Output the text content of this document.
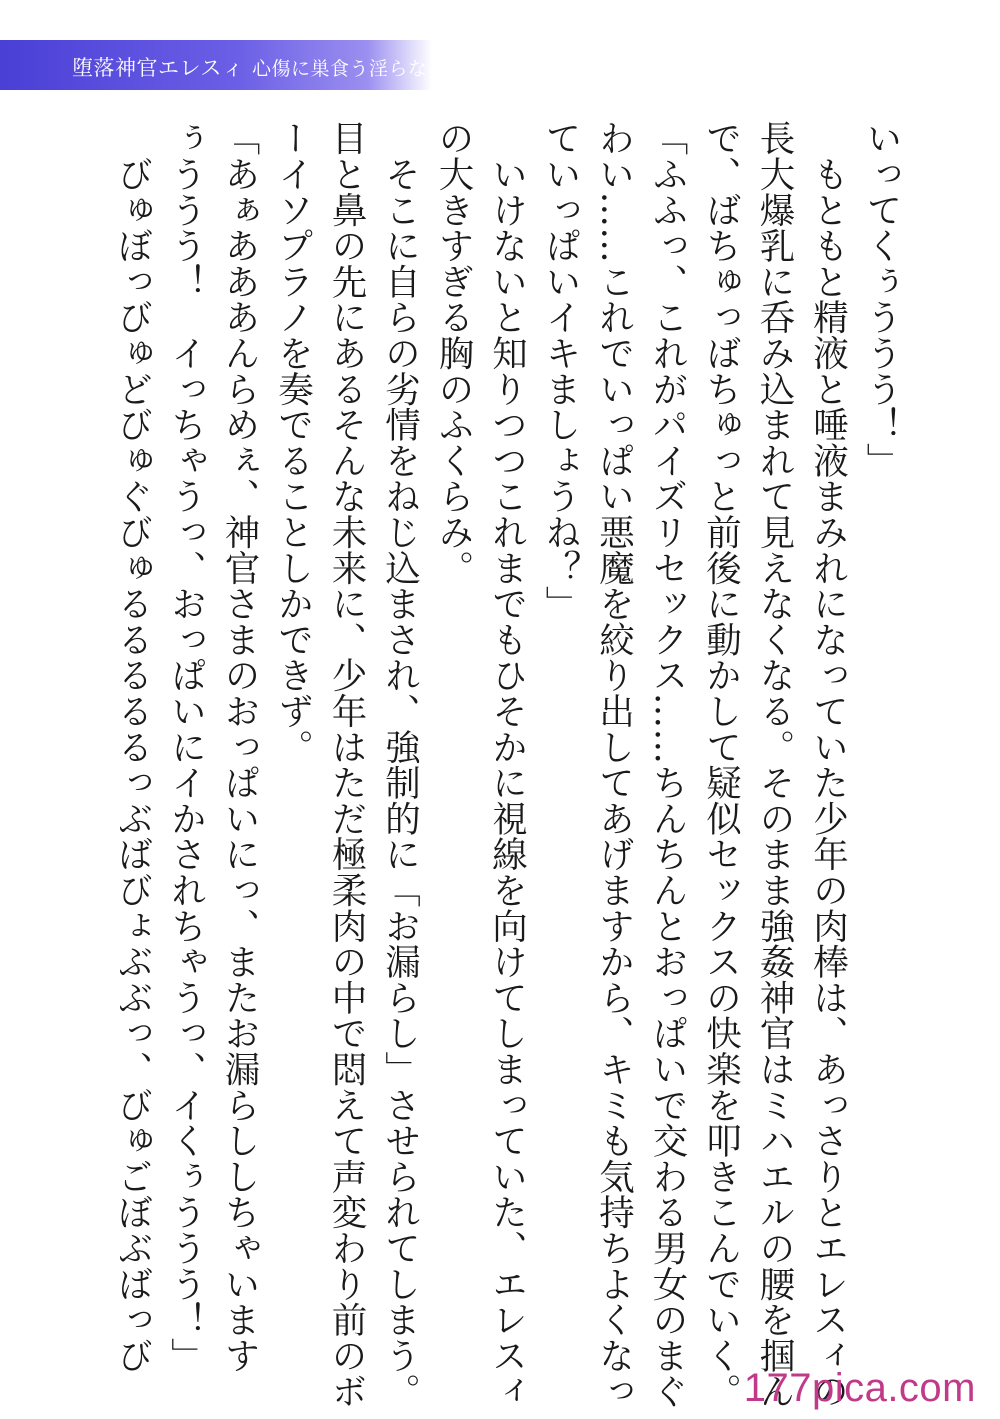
堕落神官エレスィ 心傷に巣食う淫らなモノ
いってくぅううう！」
　もともと精液と唾液まみれになっていた少年の肉棒は、あっさりとエレスィの
長大爆乳に呑み込まれて見えなくなる。そのまま強姦神官はミハエルの腰を掴ん
で、ばちゅっばちゅっと前後に動かして疑似セックスの快楽を叩きこんでいく。
「ふふっ、これがパイズリセックス……ちんちんとおっぱいで交わる男女のまぐ
わい……これでいっぱい悪魔を絞り出してあげますから、キミも気持ちよくなっ
ていっぱいイキましょうね？」
　いけないと知りつつこれまでもひそかに視線を向けてしまっていた、エレスィ
の大きすぎる胸のふくらみ。
　そこに自らの劣情をねじ込まされ、強制的に「お漏らし」させられてしまう。
目と鼻の先にあるそんな未来に、少年はただ極柔肉の中で悶えて声変わり前のボ
ーイソプラノを奏でることしかできず。
「あぁあああんらめぇ、神官さまのおっぱいにっ、またお漏らししちゃいます
ぅううう！　イっちゃうっ、おっぱいにイかされちゃうっ、イくぅううう！」
　びゅぼっびゅどびゅぐびゅるるるるるっぶばびょぶぶっ、びゅごぼぶばっび
177pica.com
